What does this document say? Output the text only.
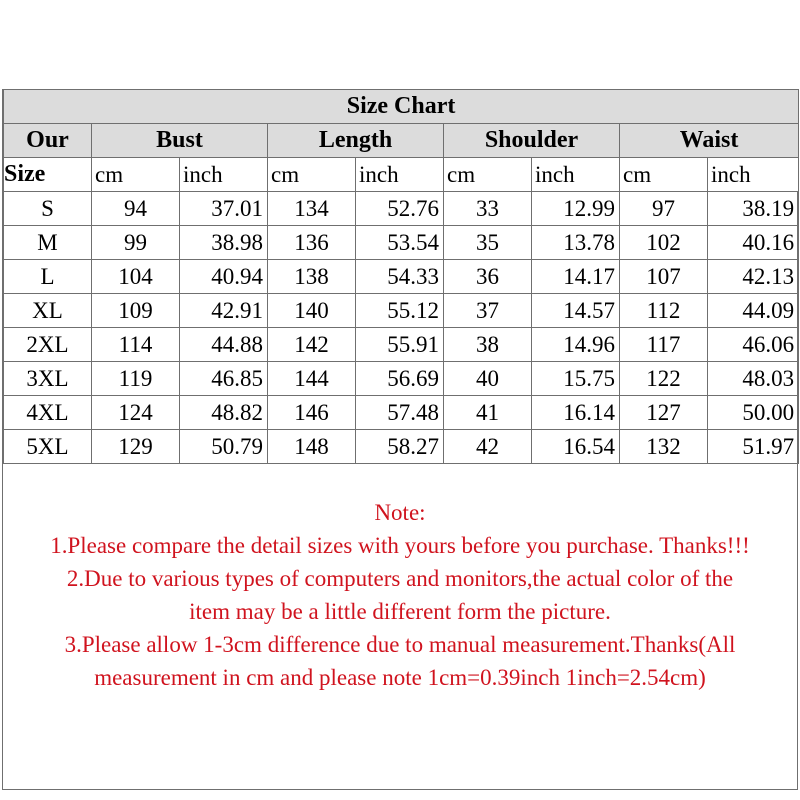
Size Chart								
Our	Bust		Length		Shoulder		Waist	
Size	cm	inch	cm	inch	cm	inch	cm	inch
S	94	37.01	134	52.76	33	12.99	97	38.19
M	99	38.98	136	53.54	35	13.78	102	40.16
L	104	40.94	138	54.33	36	14.17	107	42.13
XL	109	42.91	140	55.12	37	14.57	112	44.09
2XL	114	44.88	142	55.91	38	14.96	117	46.06
3XL	119	46.85	144	56.69	40	15.75	122	48.03
4XL	124	48.82	146	57.48	41	16.14	127	50.00
5XL	129	50.79	148	58.27	42	16.54	132	51.97
Note:
1.Please compare the detail sizes with yours before you purchase. Thanks!!!
2.Due to various types of computers and monitors,the actual color of the
item may be a little different form the picture.
3.Please allow 1-3cm difference due to manual measurement.Thanks(All
measurement in cm and please note 1cm=0.39inch 1inch=2.54cm)
